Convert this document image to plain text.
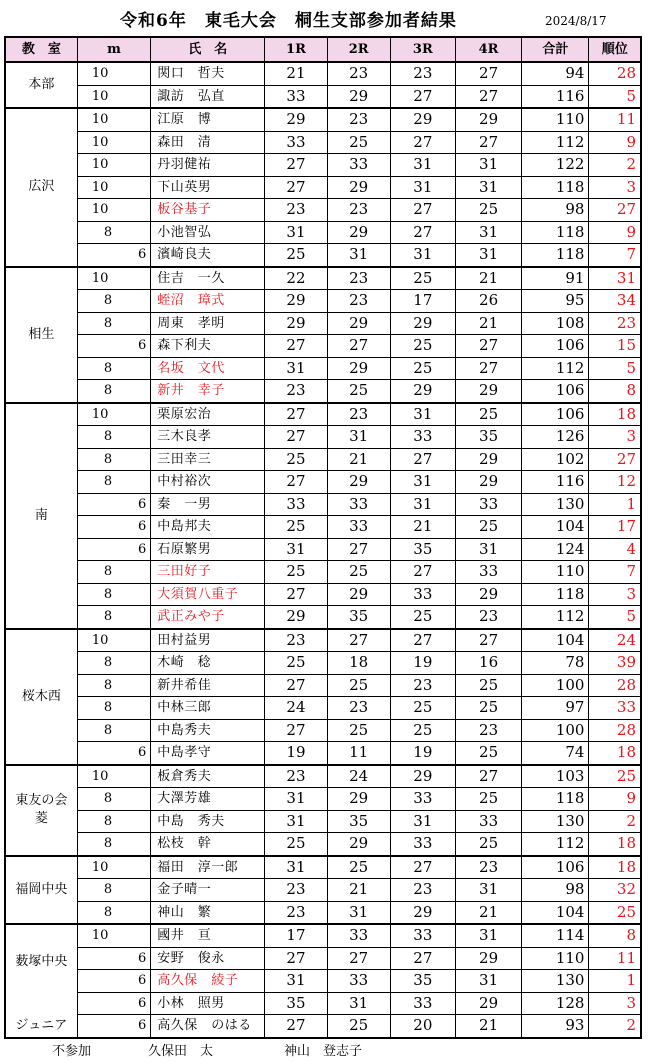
令和6年　東毛大会　桐生支部参加者結果	2024/8/17
教　室	m	氏　名	1R	2R	3R	4R	合計	順位

本部	10	関口　哲夫	21	23	23	27	94	28

	10	諏訪　弘直	33	29	27	27	116	5

広沢	10	江原　博	29	23	29	29	110	11

	10	森田　清	33	25	27	27	112	9

	10	丹羽健祐	27	33	31	31	122	2

	10	下山英男	27	29	31	31	118	3

	10	板谷基子	23	23	27	25	98	27
	8	小池智弘	31	29	27	31	118	9

	6	濱崎良夫	25	31	31	31	118	7

相生	10	住吉　一久	22	23	25	21	91	31
	8	蛭沼　璋式	29	23	17	26	95	34
	8	周東　孝明	29	29	29	21	108	23

	6	森下利夫	27	27	25	27	106	15
	8	名坂　文代	31	29	25	27	112	5
	8	新井　幸子	23	25	29	29	106	8

南	10	栗原宏治	27	23	31	25	106	18
	8	三木良孝	27	31	33	35	126	3
	8	三田幸三	25	21	27	29	102	27
	8	中村裕次	27	29	31	29	116	12

	6	秦　一男	33	33	31	33	130	1

	6	中島邦夫	25	33	21	25	104	17

	6	石原繁男	31	27	35	31	124	4
	8	三田好子	25	25	27	33	110	7
	8	大須賀八重子	27	29	33	29	118	3
	8	武正みや子	29	35	25	23	112	5

桜木西	10	田村益男	23	27	27	27	104	24
	8	木崎　稔	25	18	19	16	78	39
	8	新井希佳	27	25	23	25	100	28
	8	中林三郎	24	23	25	25	97	33
	8	中島秀夫	27	25	25	23	100	28

	6	中島孝守	19	11	19	25	74	18

東友の会
菱	10	板倉秀夫	23	24	29	27	103	25
	8	大澤芳雄	31	29	33	25	118	9
	8	中島　秀夫	31	35	31	33	130	2
	8	松枝　幹	25	29	33	25	112	18

福岡中央	10	福田　淳一郎	31	25	27	23	106	18
	8	金子晴一	23	21	23	31	98	32
	8	神山　繁	23	31	29	21	104	25

薮塚中央
ジュニア	10	國井　亘	17	33	33	31	114	8

	6	安野　俊永	27	27	27	29	110	11

	6	高久保　綾子	31	33	35	31	130	1

	6	小林　照男	35	31	33	29	128	3

	6	高久保　のはる	27	25	20	21	93	2
不参加	久保田　太	神山　登志子
